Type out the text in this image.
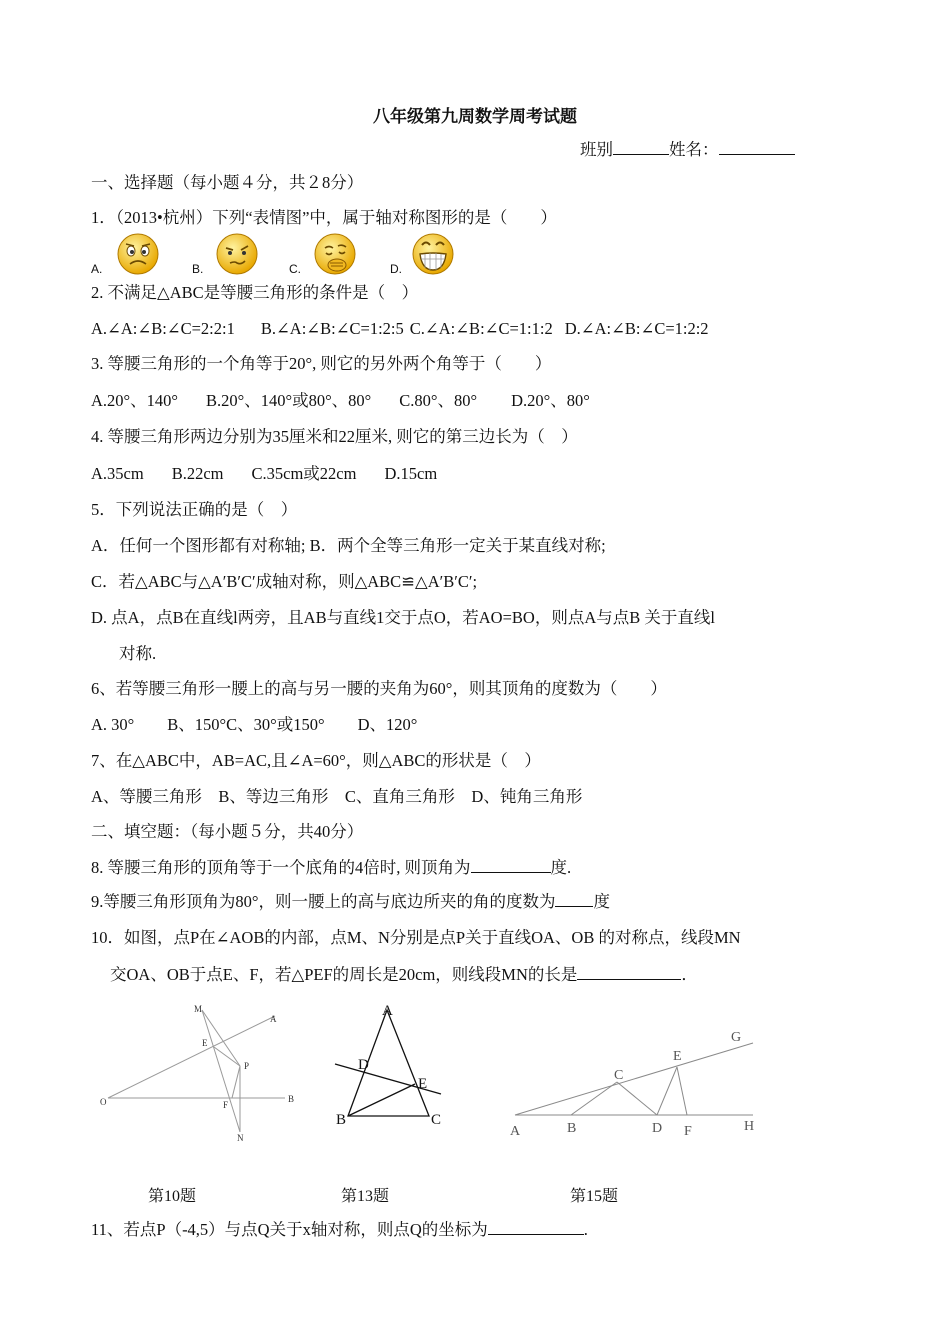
八年级第九周数学周考试题
班别	姓名：
一、选择题（每小题４分，共２8分）
1．（2013•杭州）下列“表情图”中，属于轴对称图形的是（　　）
A.	B.	C.	D.
2. 不满足△ABC是等腰三角形的条件是（　）
A.∠A:∠B:∠C=2:2:1 B.∠A:∠B:∠C=1:2:5 C.∠A:∠B:∠C=1:1:2 D.∠A:∠B:∠C=1:2:2
3. 等腰三角形的一个角等于20°, 则它的另外两个角等于（　　）
A.20°、140° B.20°、140°或80°、80° C.80°、80° D.20°、80°
4. 等腰三角形两边分别为35厘米和22厘米, 则它的第三边长为（　）
A.35cm B.22cm C.35cm或22cm D.15cm
5．下列说法正确的是（　）
A．任何一个图形都有对称轴; B．两个全等三角形一定关于某直线对称;
C．若△ABC与△A′B′C′成轴对称，则△ABC≌△A′B′C′;
D. 点A，点B在直线l两旁，且AB与直线1交于点O，若AO=BO，则点A与点B 关于直线l
对称.
6、若等腰三角形一腰上的高与另一腰的夹角为60°，则其顶角的度数为（　　）
A. 30°　　B、150°C、30°或150°　　D、120°
7、在△ABC中，AB=AC,且∠A=60°，则△ABC的形状是（　）
A、等腰三角形　B、等边三角形　C、直角三角形　D、钝角三角形
二、填空题：（每小题５分，共40分）
8. 等腰三角形的顶角等于一个底角的4倍时, 则顶角为	度.
9.等腰三角形顶角为80°，则一腰上的高与底边所夹的角的度数为 度
10．如图，点P在∠AOB的内部，点M、N分别是点P关于直线OA、OB 的对称点，线段MN
交OA、OB于点E、F，若△PEF的周长是20cm，则线段MN的长是	．
M
A
E
P
O	F
B
N
A
D
E
B	C
G
E
C
A	B	D F	H
第10题	第13题	第15题
11、若点P（-4,5）与点Q关于x轴对称，则点Q的坐标为	.
